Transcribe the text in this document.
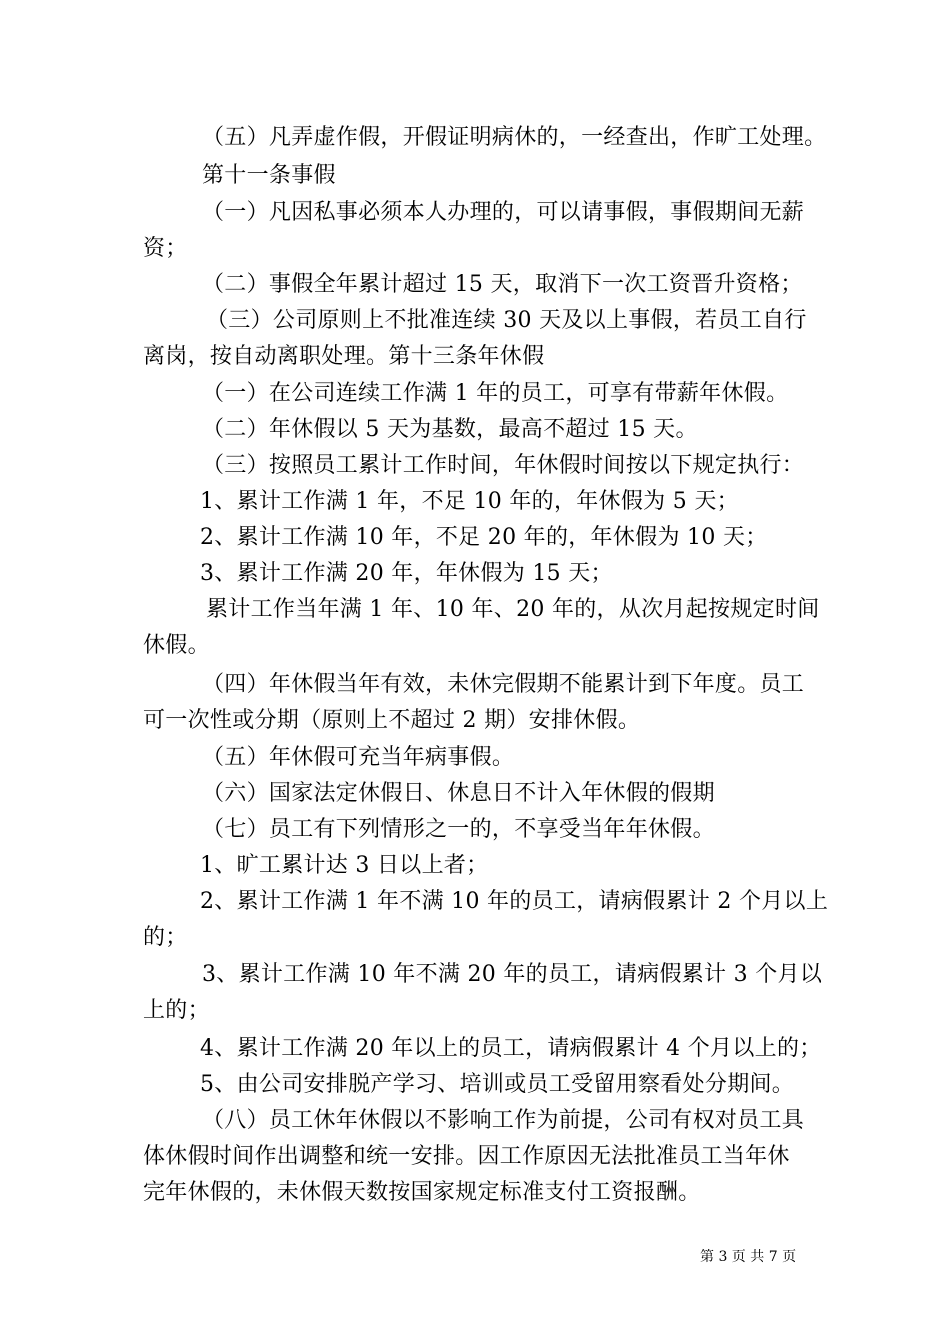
（五）凡弄虚作假，开假证明病休的，一经查出，作旷工处理。
第十一条事假
（一）凡因私事必须本人办理的，可以请事假，事假期间无薪
资；
（二）事假全年累计超过 15 天，取消下一次工资晋升资格；
（三）公司原则上不批准连续 30 天及以上事假，若员工自行
离岗，按自动离职处理。第十三条年休假
（一）在公司连续工作满 1 年的员工，可享有带薪年休假。
（二）年休假以 5 天为基数，最高不超过 15 天。
（三）按照员工累计工作时间，年休假时间按以下规定执行：
1、累计工作满 1 年，不足 10 年的，年休假为 5 天；
2、累计工作满 10 年，不足 20 年的，年休假为 10 天；
3、累计工作满 20 年，年休假为 15 天；
累计工作当年满 1 年、10 年、20 年的，从次月起按规定时间
休假。
（四）年休假当年有效，未休完假期不能累计到下年度。员工
可一次性或分期（原则上不超过 2 期）安排休假。
（五）年休假可充当年病事假。
（六）国家法定休假日、休息日不计入年休假的假期
（七）员工有下列情形之一的，不享受当年年休假。
1、旷工累计达 3 日以上者；
2、累计工作满 1 年不满 10 年的员工，请病假累计 2 个月以上
的；
3、累计工作满 10 年不满 20 年的员工，请病假累计 3 个月以
上的；
4、累计工作满 20 年以上的员工，请病假累计 4 个月以上的；
5、由公司安排脱产学习、培训或员工受留用察看处分期间。
（八）员工休年休假以不影响工作为前提，公司有权对员工具
体休假时间作出调整和统一安排。因工作原因无法批准员工当年休
完年休假的，未休假天数按国家规定标准支付工资报酬。
第 3 页 共 7 页
